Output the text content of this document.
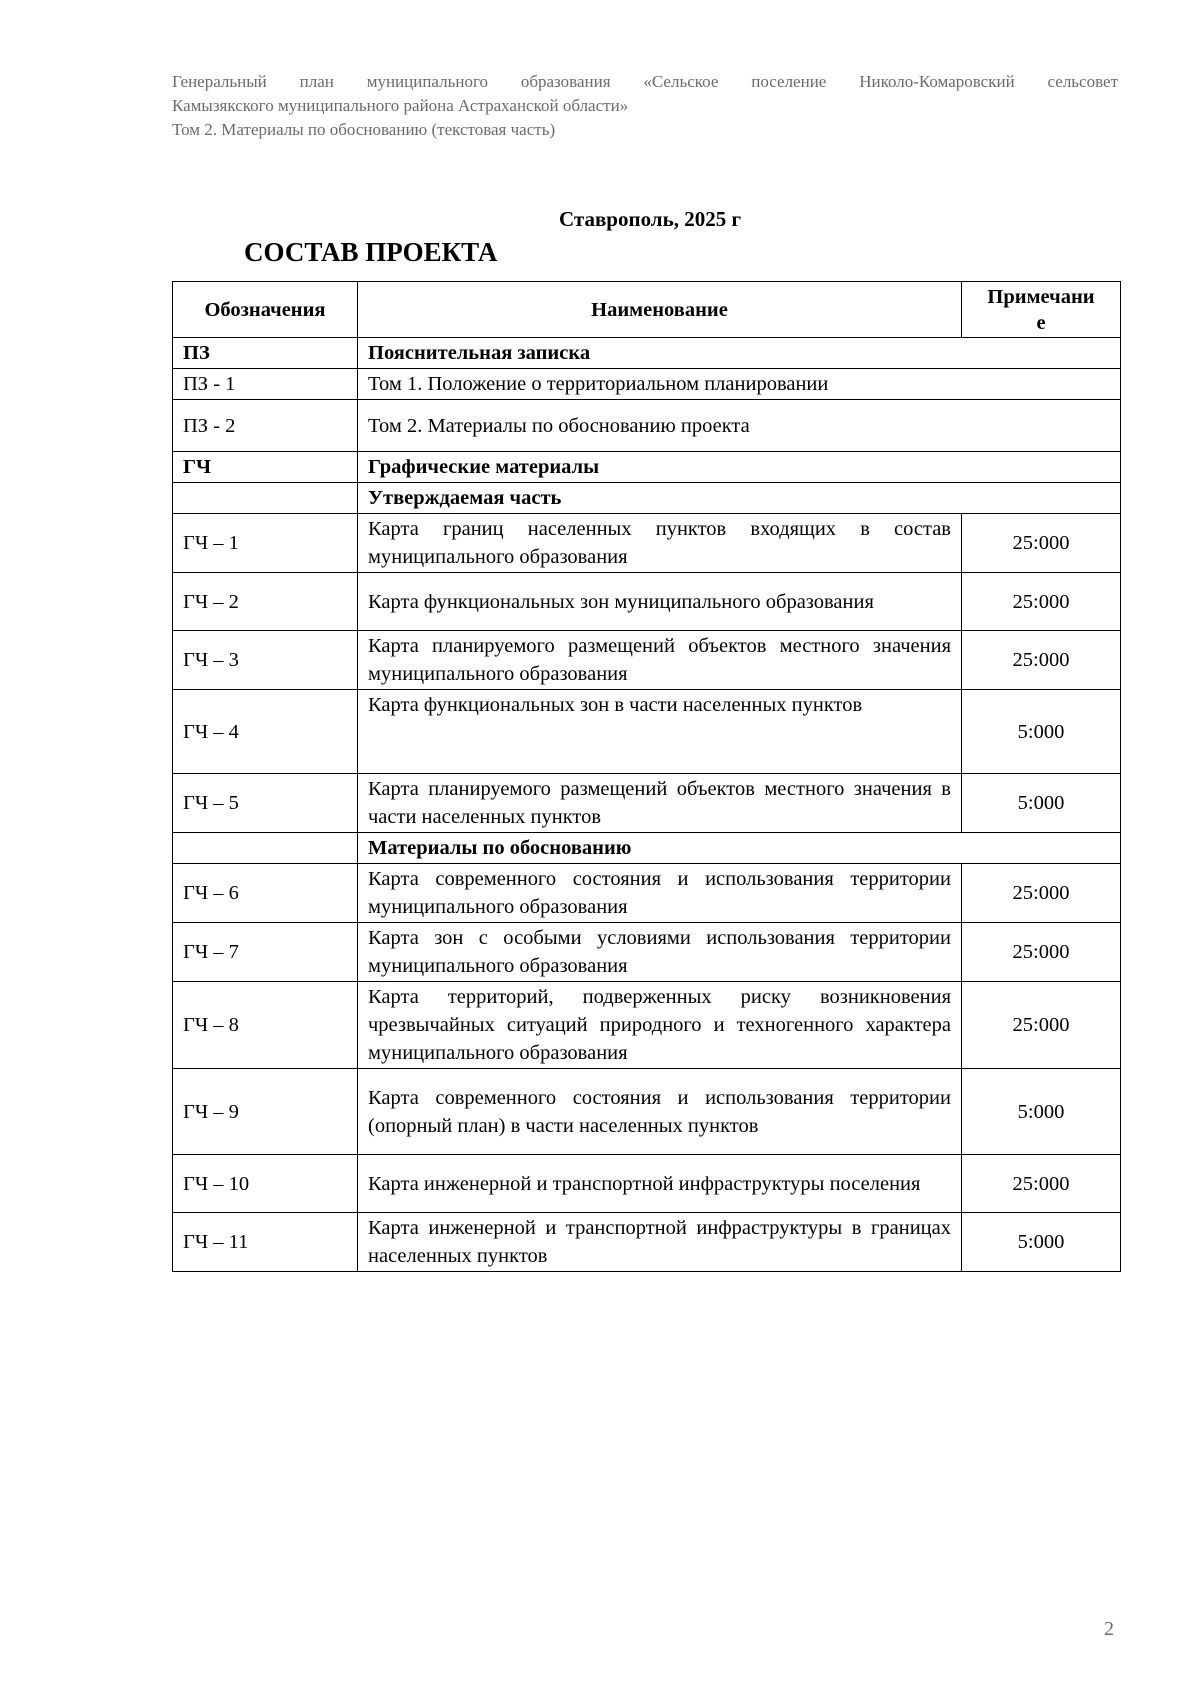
Генеральный план муниципального образования «Сельское поселение Николо-Комаровский сельсовет
Камызякского муниципального района Астраханской области»
Том 2. Материалы по обоснованию (текстовая часть)
Ставрополь, 2025 г
СОСТАВ ПРОЕКТА
Обозначения	Наименование	Примечани
е
ПЗ	Пояснительная записка	
ПЗ - 1	Том 1. Положение о территориальном планировании	
ПЗ - 2	Том 2. Материалы по обоснованию проекта	
ГЧ	Графические материалы	
	Утверждаемая часть	
ГЧ – 1	Карта границ населенных пунктов входящих в состав муниципального образования	25:000
ГЧ – 2	Карта функциональных зон муниципального образования	25:000
ГЧ – 3	Карта планируемого размещений объектов местного значения муниципального образования	25:000
ГЧ – 4	Карта функциональных зон в части населенных пунктов	5:000
ГЧ – 5	Карта планируемого размещений объектов местного значения в части населенных пунктов	5:000
	Материалы по обоснованию	
ГЧ – 6	Карта современного состояния и использования территории муниципального образования	25:000
ГЧ – 7	Карта зон с особыми условиями использования территории муниципального образования	25:000
ГЧ – 8	Карта территорий, подверженных риску возникновения чрезвычайных ситуаций природного и техногенного характера муниципального образования	25:000
ГЧ – 9	Карта современного состояния и использования территории (опорный план) в части населенных пунктов	5:000
ГЧ – 10	Карта инженерной и транспортной инфраструктуры поселения	25:000
ГЧ – 11	Карта инженерной и транспортной инфраструктуры в границах населенных пунктов	5:000
2
